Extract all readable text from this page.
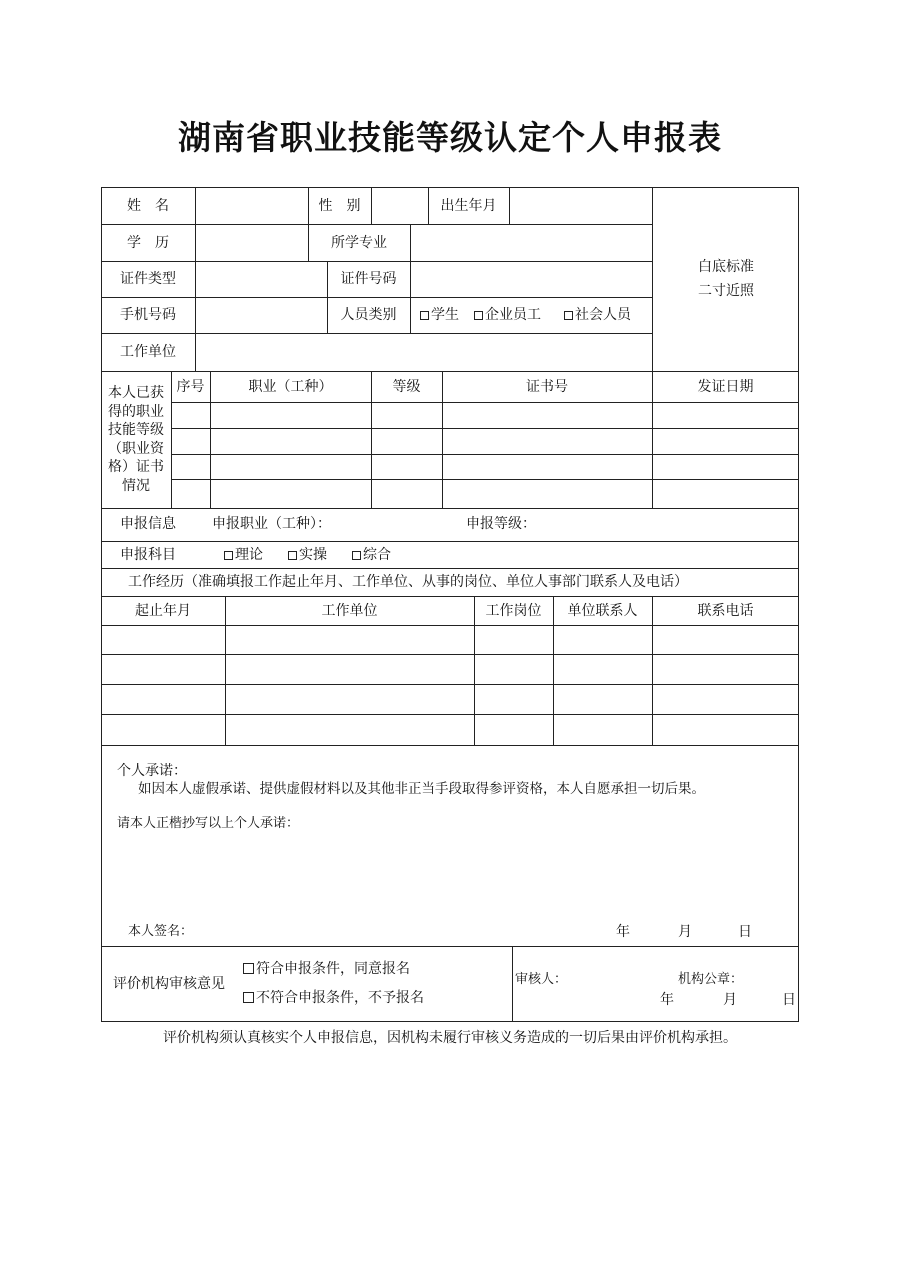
湖南省职业技能等级认定个人申报表
姓　名	性　别	出生年月
学　历	所学专业
证件类型	证件号码
手机号码	人员类别	学生	企业员工	社会人员
工作单位
白底标准
二寸近照
本人已获
得的职业
技能等级
（职业资
格）证书
情况
序号	职业（工种）	等级	证书号	发证日期
申报信息	申报职业（工种）：	申报等级：
申报科目	理论	实操	综合
工作经历（准确填报工作起止年月、工作单位、从事的岗位、单位人事部门联系人及电话）
起止年月	工作单位	工作岗位	单位联系人	联系电话
个人承诺：
如因本人虚假承诺、提供虚假材料以及其他非正当手段取得参评资格，本人自愿承担一切后果。
请本人正楷抄写以上个人承诺：
本人签名：	年	月	日
评价机构审核意见
符合申报条件，同意报名
不符合申报条件，不予报名
审核人：	机构公章：
年	月	日
评价机构须认真核实个人申报信息，因机构未履行审核义务造成的一切后果由评价机构承担。
